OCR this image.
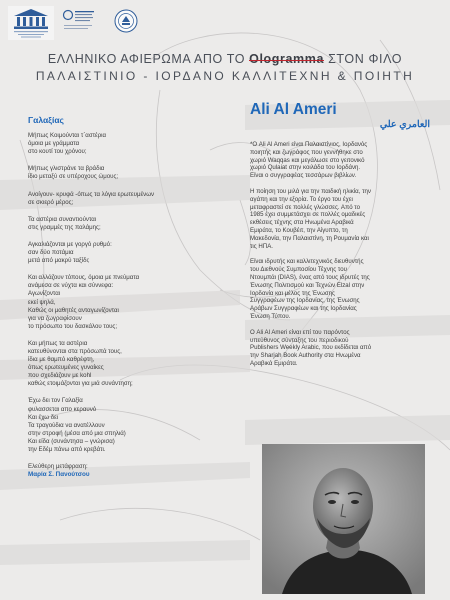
ΕΛΛΗΝΙΚΟ ΑΦΙΕΡΩΜΑ ΑΠΟ ΤΟ Ologramma ΣΤΟΝ ΦΙΛΟ
ΠΑΛΑΙΣΤΙΝΙΟ - ΙΟΡΔΑΝΟ ΚΑΛΛΙΤΕΧΝΗ & ΠΟΙΗΤΗ
Γαλαξίας
Μήπως Κοιμούνται τ΄αστέρια
όμοια με γράμματα
στο κουτί του χρόνου;
Μήπως γλιστράνε τα βράδια
ίδιο μεταξύ σε υπέροχους ώμους;
Ανοίγουν- κρυφά -όπως τα λόγια ερωτευμένων
σε σκιερό μέρος;
Τα αστέρια συναντιούνται
στις γραμμές της παλάμης;
Αγκαλιάζονται με γοργό ρυθμό:
σαν δύο ποτάμια
μετά από μακρύ ταξίδι;
Και αλλάζουν τόπους, όμοια με πνεύματα
ανάμεσα σε νύχτα και σύννεφα:
Αγωνίζονται
εκεί ψηλά,
Καθώς οι μαθητές ανταγωνίζονται
για να ζωγραφίσουν
το πρόσωπο του δασκάλου τους;
Και μήπως τα αστέρια
κατευθύνονται στα πρόσωπά τους,
ίδια με θαμπό καθρέφτη,
όπως ερωτευμένες γυναίκες
που σχεδιάζουν με kohl
καθώς ετοιμάζονται για μιά συνάντηση;
Έχω δει τον Γαλαξία
φυλασσεται απο κεραυνό
Και έχω δει
Τα τραγούδια να ανατέλλουν
στην στροφή (μέσα από μια σπηλιά)
Και είδα (συνάντησα – γνώρισα)
την Εδέμ πάνω από κρεβάτι.
Ελεύθερη μετάφραση:
Μαρία Σ. Πανούτσου
Ali Al Ameri
العامري علي

*Ο Ali Al Ameri είναι Παλαιστίνιος, Ιορδανός
ποιητής και ζωγράφος που γεννήθηκε στο
χωριό Waqqas και μεγάλωσε στο γειτονικό
χωριό Qulaiat στην κοιλάδα του Ιορδάνη.
Είναι ο συγγραφέας τεσσάρων βιβλίων.

Η ποίηση του μιλά για την παιδική ηλικία, την
αγάπη και την εξορία. Το έργο του έχει
μεταφραστεί σε πολλές γλώσσες. Από το
1985 έχει συμμετάσχει σε πολλές ομαδικές
εκθέσεις τέχνης στα Ηνωμένα Αραβικά
Εμιράτα, το Κουβέιτ, την Αίγυπτο, τη
Μακεδονία, την Παλαιστίνη, τη Ρουμανία και
τις ΗΠΑ.

Είναι ιδρυτής και καλλιτεχνικός διευθυντής
του Διεθνούς Συμποσίου Τέχνης του
Ντουμπάι (DIAS), ένας από τους ιδρυτές της
Ένωσης Πολιτισμού και Τεχνών Elzal στην
Ιορδανία και μέλος της Ένωσης
Συγγραφέων της Ιορδανίας, της Ένωσης
Αράβων Συγγραφέων και της Ιορδανίας
Ένωση Τύπου.

Ο Ali Al Ameri είναι επί του παρόντος
υπεύθυνος σύνταξης του περιοδικού
Publishers Weekly Arabic, που εκδίδεται από
την Sharjah Book Authority στα Ηνωμένα
Αραβικά Εμιράτα.
